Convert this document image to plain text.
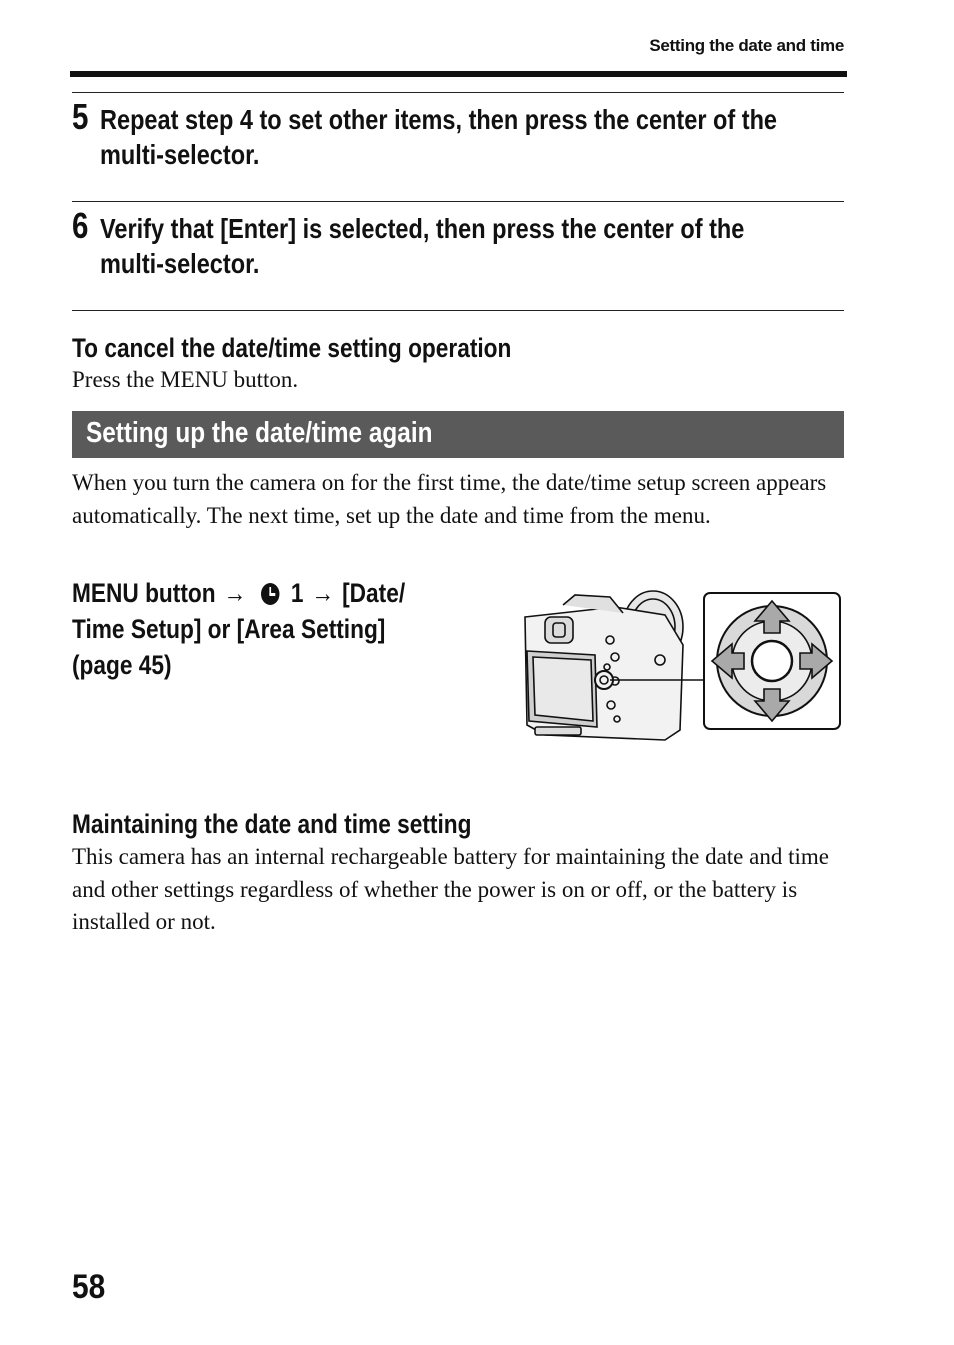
Setting the date and time
5 Repeat step 4 to set other items, then press the center of the multi-selector.
6 Verify that [Enter] is selected, then press the center of the multi-selector.
To cancel the date/time setting operation
Press the MENU button.
Setting up the date/time again
When you turn the camera on for the first time, the date/time setup screen appears automatically. The next time, set up the date and time from the menu.
MENU button → 1 → [Date/
Time Setup] or [Area Setting]
(page 45)
Maintaining the date and time setting
This camera has an internal rechargeable battery for maintaining the date and time and other settings regardless of whether the power is on or off, or the battery is installed or not.
58
